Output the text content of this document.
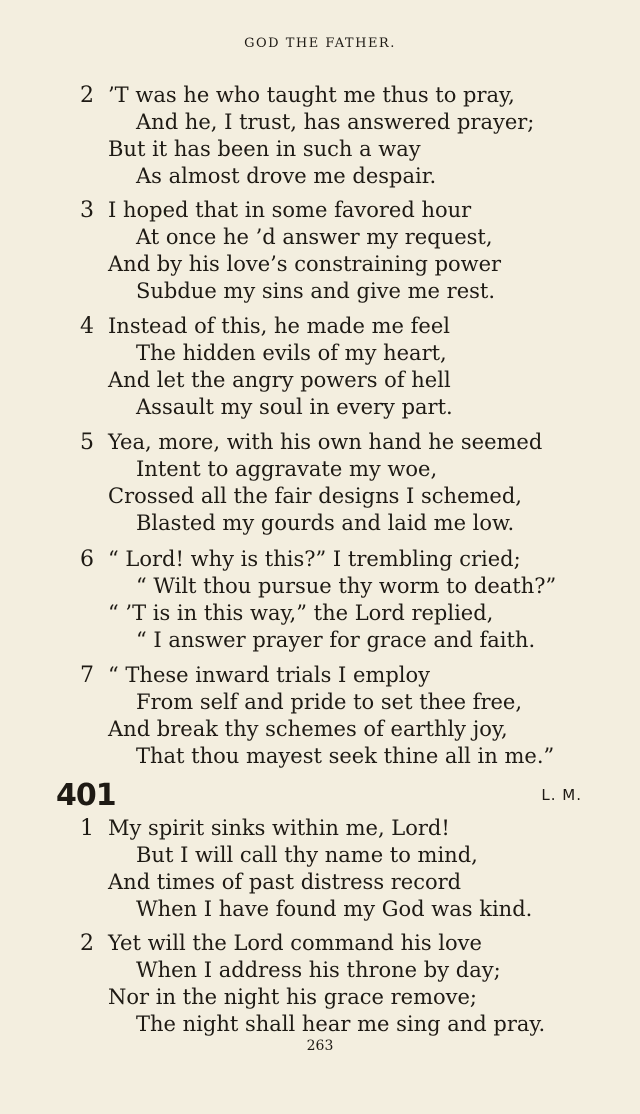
GOD THE FATHER.
2 ’T was he who taught me thus to pray,
And he, I trust, has answered prayer;
But it has been in such a way
As almost drove me despair.
3 I hoped that in some favored hour
At once he ’d answer my request,
And by his love’s constraining power
Subdue my sins and give me rest.
4 Instead of this, he made me feel
The hidden evils of my heart,
And let the angry powers of hell
Assault my soul in every part.
5 Yea, more, with his own hand he seemed
Intent to aggravate my woe,
Crossed all the fair designs I schemed,
Blasted my gourds and laid me low.
6 “ Lord! why is this?” I trembling cried;
“ Wilt thou pursue thy worm to death?”
“ ’T is in this way,” the Lord replied,
“ I answer prayer for grace and faith.
7 “ These inward trials I employ
From self and pride to set thee free,
And break thy schemes of earthly joy,
That thou mayest seek thine all in me.”
401	L. M.
1 My spirit sinks within me, Lord!
But I will call thy name to mind,
And times of past distress record
When I have found my God was kind.
2 Yet will the Lord command his love
When I address his throne by day;
Nor in the night his grace remove;
The night shall hear me sing and pray.
263
